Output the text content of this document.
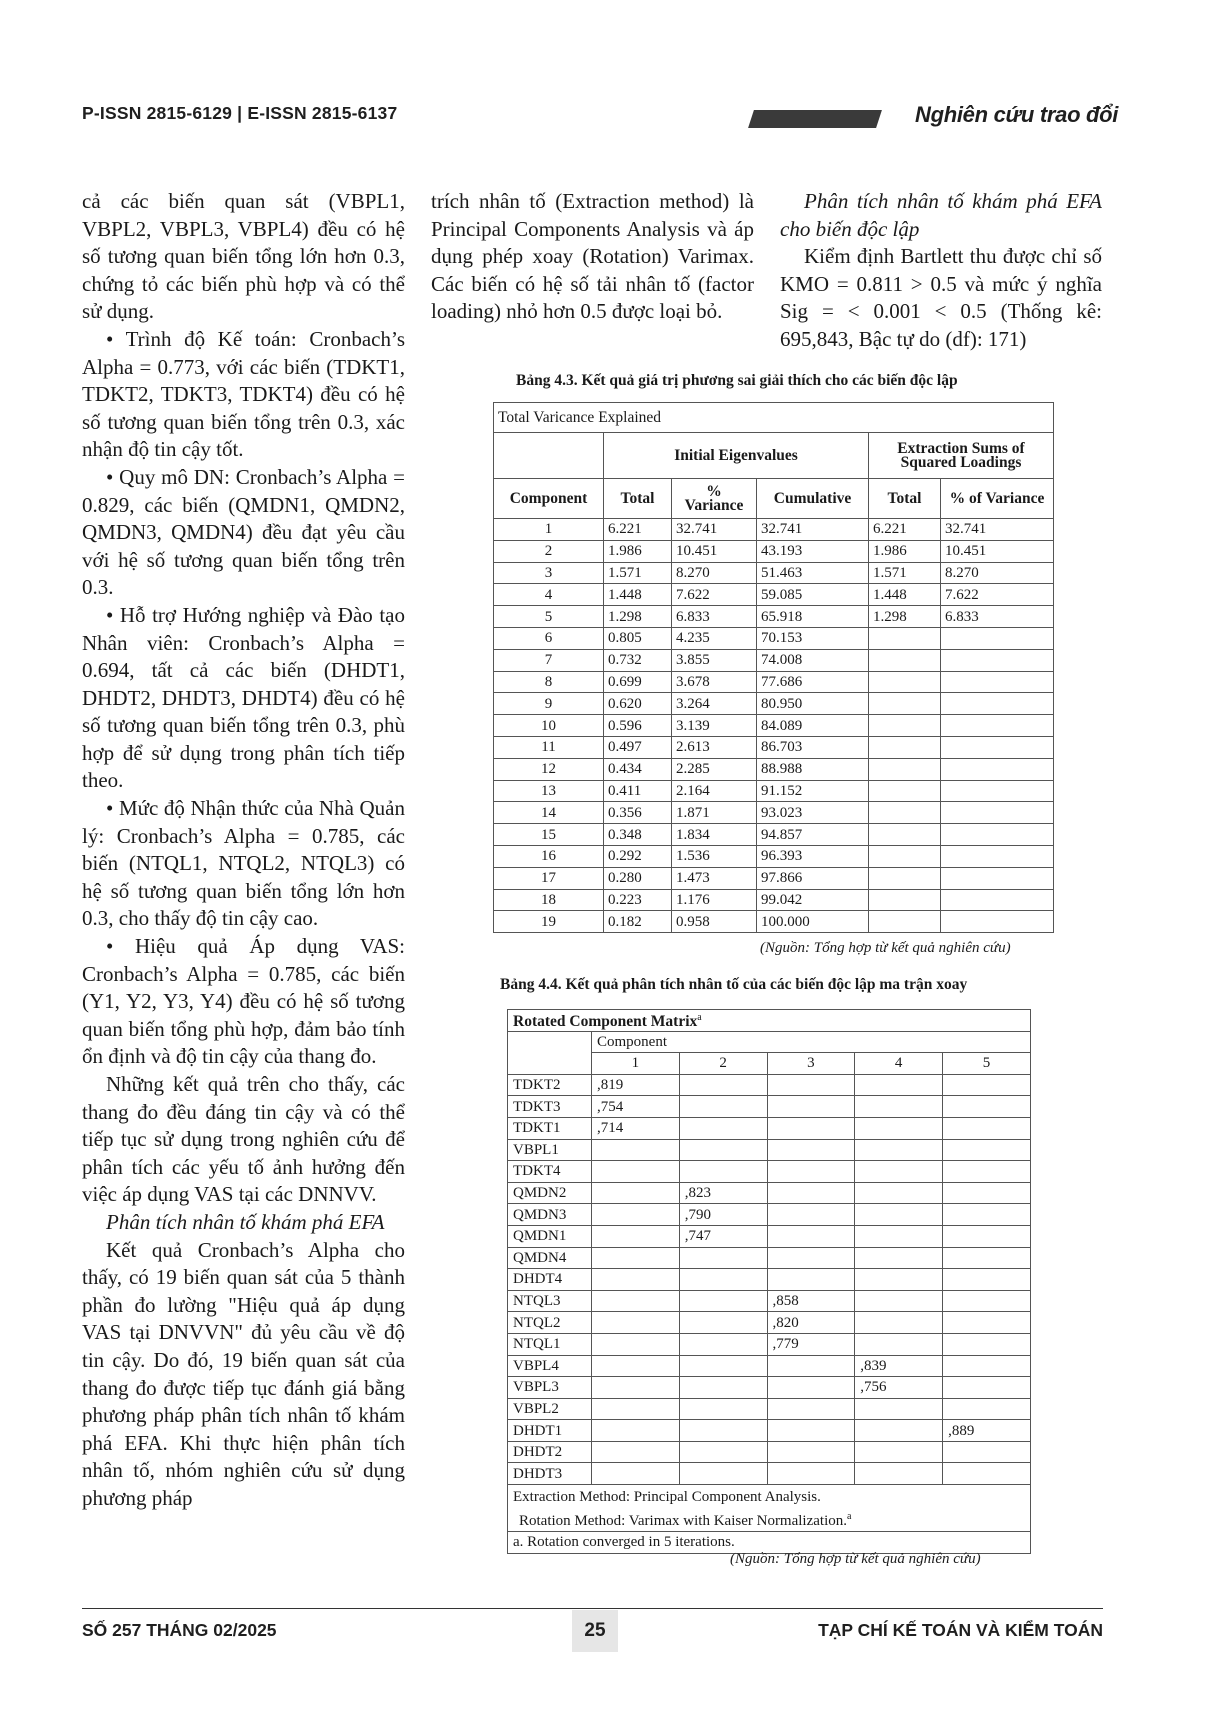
P-ISSN 2815-6129 | E-ISSN 2815-6137	Nghiên cứu trao đổi

cả các biến quan sát (VBPL1, VBPL2, VBPL3, VBPL4) đều có hệ số tương quan biến tổng lớn hơn 0.3, chứng tỏ các biến phù hợp và có thể sử dụng.

• Trình độ Kế toán: Cronbach’s Alpha = 0.773, với các biến (TDKT1, TDKT2, TDKT3, TDKT4) đều có hệ số tương quan biến tổng trên 0.3, xác nhận độ tin cậy tốt.

• Quy mô DN: Cronbach’s Alpha = 0.829, các biến (QMDN1, QMDN2, QMDN3, QMDN4) đều đạt yêu cầu với hệ số tương quan biến tổng trên 0.3.

• Hỗ trợ Hướng nghiệp và Đào tạo Nhân viên: Cronbach’s Alpha = 0.694, tất cả các biến (DHDT1, DHDT2, DHDT3, DHDT4) đều có hệ số tương quan biến tổng trên 0.3, phù hợp để sử dụng trong phân tích tiếp theo.

• Mức độ Nhận thức của Nhà Quản lý: Cronbach’s Alpha = 0.785, các biến (NTQL1, NTQL2, NTQL3) có hệ số tương quan biến tổng lớn hơn 0.3, cho thấy độ tin cậy cao.

• Hiệu quả Áp dụng VAS: Cronbach’s Alpha = 0.785, các biến (Y1, Y2, Y3, Y4) đều có hệ số tương quan biến tổng phù hợp, đảm bảo tính ổn định và độ tin cậy của thang đo.

Những kết quả trên cho thấy, các thang đo đều đáng tin cậy và có thể tiếp tục sử dụng trong nghiên cứu để phân tích các yếu tố ảnh hưởng đến việc áp dụng VAS tại các DNNVV.

Phân tích nhân tố khám phá EFA

Kết quả Cronbach’s Alpha cho thấy, có 19 biến quan sát của 5 thành phần đo lường "Hiệu quả áp dụng VAS tại DNVVN" đủ yêu cầu về độ tin cậy. Do đó, 19 biến quan sát của thang đo được tiếp tục đánh giá bằng phương pháp phân tích nhân tố khám phá EFA. Khi thực hiện phân tích nhân tố, nhóm nghiên cứu sử dụng phương pháp

trích nhân tố (Extraction method) là Principal Components Analysis và áp dụng phép xoay (Rotation) Varimax. Các biến có hệ số tải nhân tố (factor loading) nhỏ hơn 0.5 được loại bỏ.

Phân tích nhân tố khám phá EFA cho biến độc lập

Kiểm định Bartlett thu được chỉ số KMO = 0.811 > 0.5 và mức ý nghĩa Sig = < 0.001 < 0.5 (Thống kê: 695,843, Bậc tự do (df): 171)

Bảng 4.3. Kết quả giá trị phương sai giải thích cho các biến độc lập
Total Varicance Explained					
	Initial Eigenvalues			Extraction Sums of Squared Loadings	
Component	Total	% Variance	Cumulative	Total	% of Variance
1	6.221	32.741	32.741	6.221	32.741
2	1.986	10.451	43.193	1.986	10.451
3	1.571	8.270	51.463	1.571	8.270
4	1.448	7.622	59.085	1.448	7.622
5	1.298	6.833	65.918	1.298	6.833
6	0.805	4.235	70.153		
7	0.732	3.855	74.008		
8	0.699	3.678	77.686		
9	0.620	3.264	80.950		
10	0.596	3.139	84.089		
11	0.497	2.613	86.703		
12	0.434	2.285	88.988		
13	0.411	2.164	91.152		
14	0.356	1.871	93.023		
15	0.348	1.834	94.857		
16	0.292	1.536	96.393		
17	0.280	1.473	97.866		
18	0.223	1.176	99.042		
19	0.182	0.958	100.000		
(Nguồn: Tổng hợp từ kết quả nghiên cứu)
Bảng 4.4. Kết quả phân tích nhân tố của các biến độc lập ma trận xoay
Rotated Component Matrix$^a$
	Component				
	1	2	3	4	5
TDKT2	,819				
TDKT3	,754				
TDKT1	,714				
VBPL1					
TDKT4					
QMDN2		,823			
QMDN3		,790			
QMDN1		,747			
QMDN4					
DHDT4					
NTQL3			,858		
NTQL2			,820		
NTQL1			,779		
VBPL4				,839	
VBPL3				,756	
VBPL2					
DHDT1					,889
DHDT2					
DHDT3					

Extraction Method: Principal Component Analysis.
Rotation Method: Varimax with Kaiser Normalization.$^a$

a. Rotation converged in 5 iterations.					
(Nguồn: Tổng hợp từ kết quả nghiên cứu)
SỐ 257 THÁNG 02/2025	25	TẠP CHÍ KẾ TOÁN VÀ KIỂM TOÁN
